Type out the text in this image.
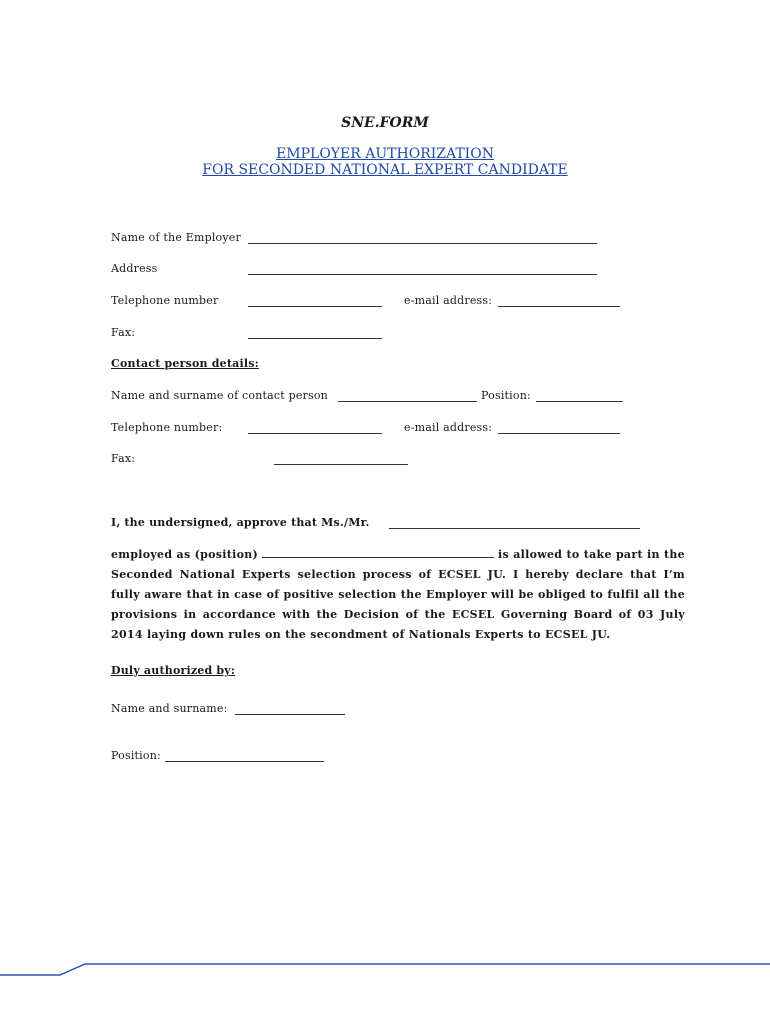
SNE.FORM
EMPLOYER AUTHORIZATION
FOR SECONDED NATIONAL EXPERT CANDIDATE
Name of the Employer
Address
Telephone number	e-mail address:
Fax:
Contact person details:
Name and surname of contact person	Position:
Telephone number:	e-mail address:
Fax:
I, the undersigned, approve that Ms./Mr.
employed as (position)	is allowed to take part in the Seconded National Experts selection process of ECSEL JU. I hereby declare that I’m fully aware that in case of positive selection the Employer will be obliged to fulfil all the provisions in accordance with the Decision of the ECSEL Governing Board of 03 July 2014 laying down rules on the secondment of Nationals Experts to ECSEL JU.
Duly authorized by:
Name and surname:
Position:
